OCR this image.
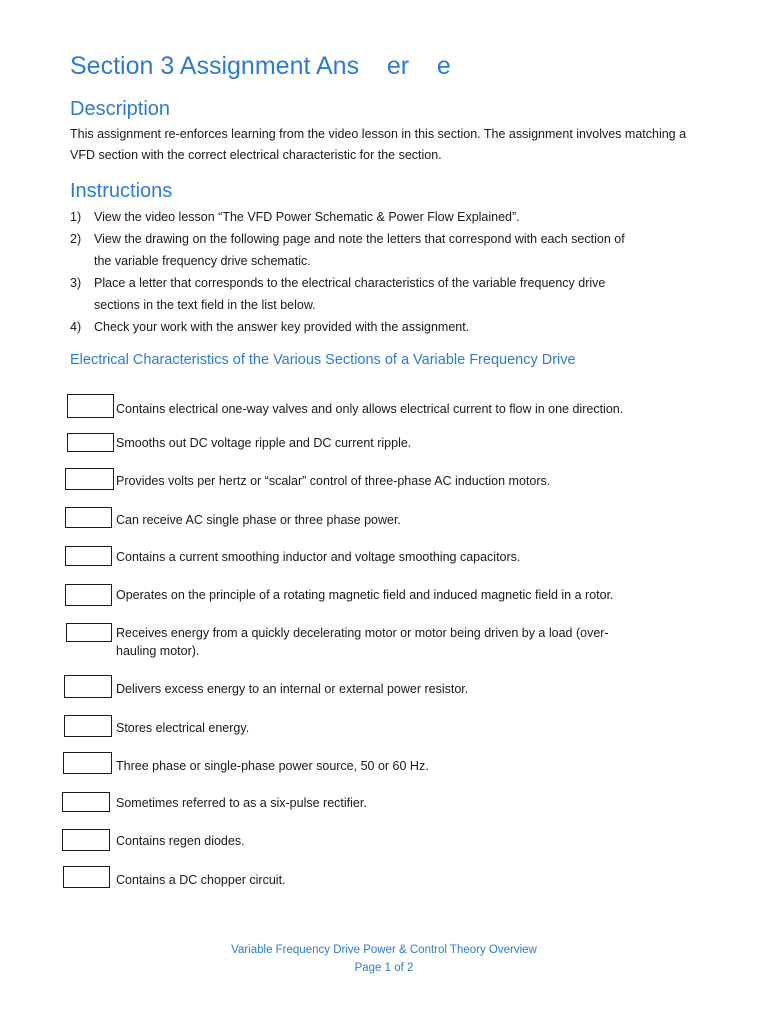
Section 3 Assignment Ans    er    e
Description

This assignment re-enforces learning from the video lesson in this section. The assignment involves matching a
VFD section with the correct electrical characteristic for the section.

Instructions
1) View the video lesson “The VFD Power Schematic & Power Flow Explained”.
2) View the drawing on the following page and note the letters that correspond with each section of
the variable frequency drive schematic.
3) Place a letter that corresponds to the electrical characteristics of the variable frequency drive
sections in the text field in the list below.
4) Check your work with the answer key provided with the assignment.
Electrical Characteristics of the Various Sections of a Variable Frequency Drive
Contains electrical one-way valves and only allows electrical current to flow in one direction.
Smooths out DC voltage ripple and DC current ripple.
Provides volts per hertz or “scalar” control of three-phase AC induction motors.
Can receive AC single phase or three phase power.
Contains a current smoothing inductor and voltage smoothing capacitors.
Operates on the principle of a rotating magnetic field and induced magnetic field in a rotor.
Receives energy from a quickly decelerating motor or motor being driven by a load (over-
hauling motor).
Delivers excess energy to an internal or external power resistor.
Stores electrical energy.
Three phase or single-phase power source, 50 or 60 Hz.
Sometimes referred to as a six-pulse rectifier.
Contains regen diodes.
Contains a DC chopper circuit.
Variable Frequency Drive Power & Control Theory Overview
Page 1 of 2
